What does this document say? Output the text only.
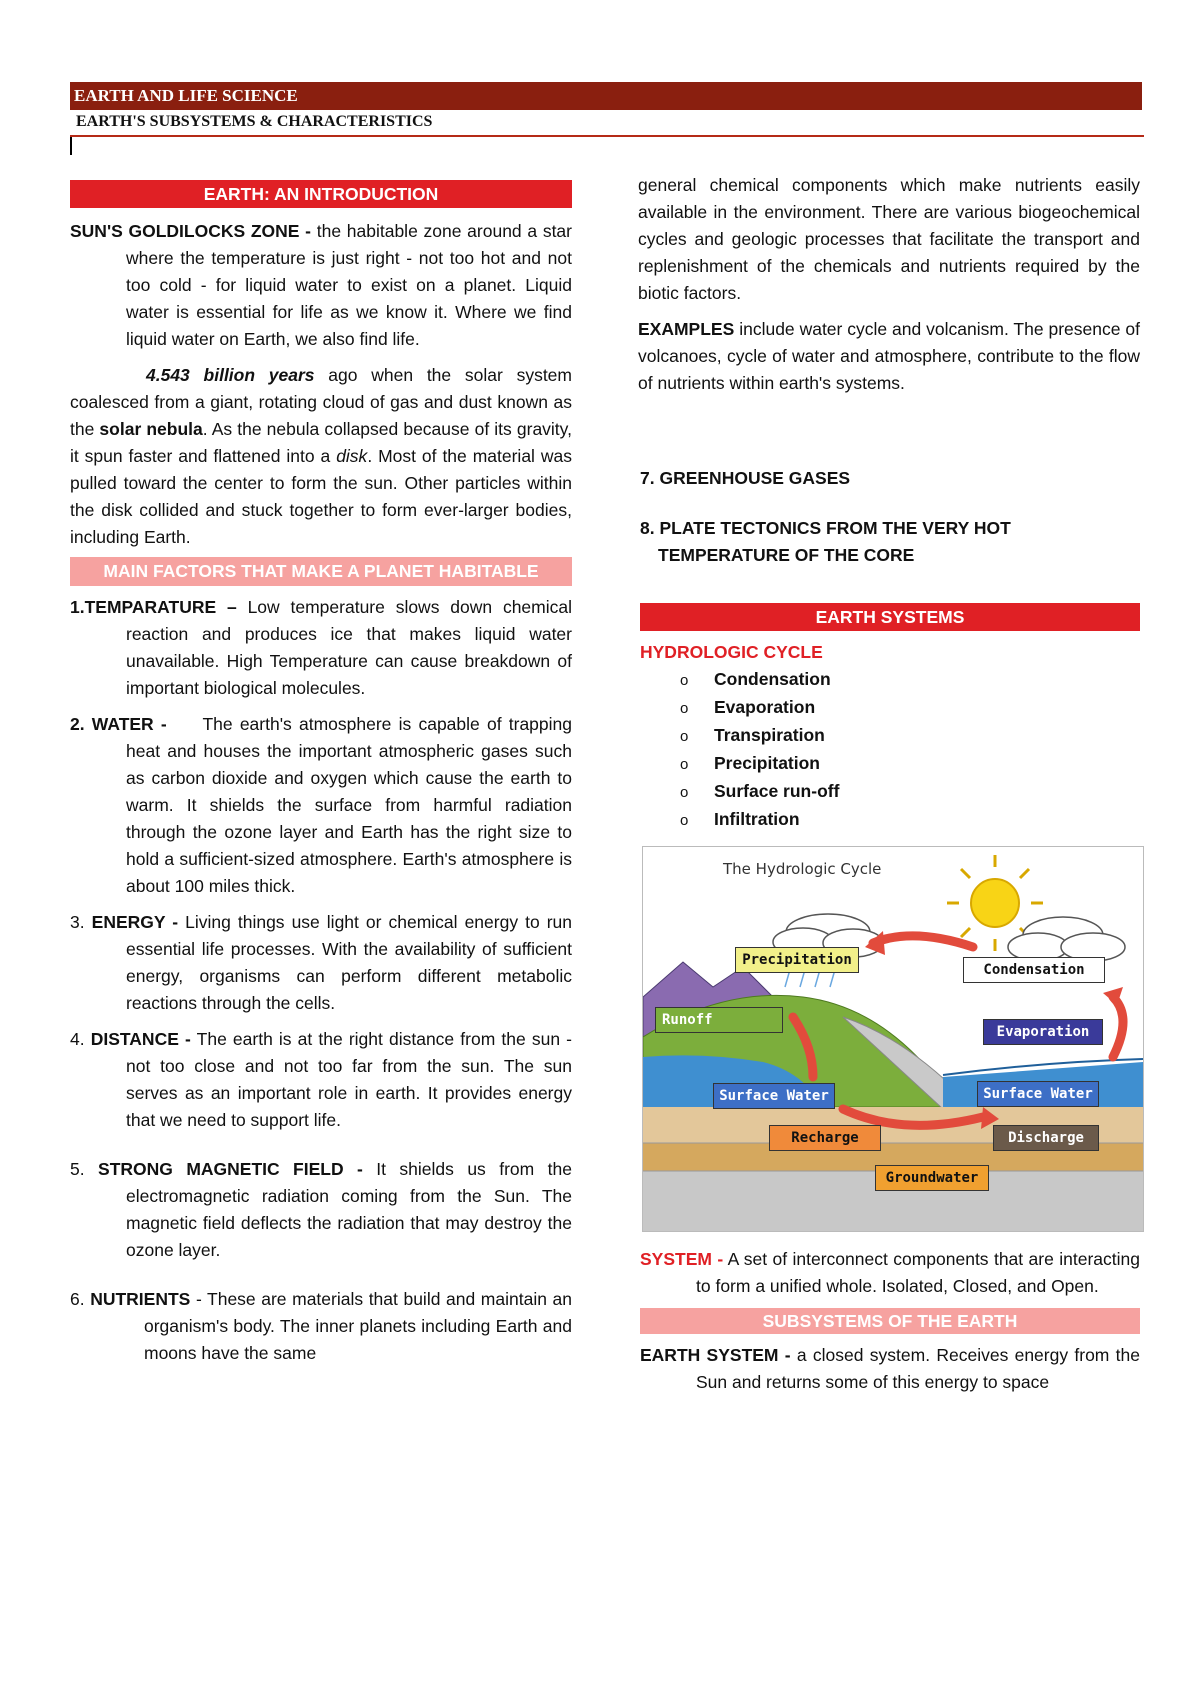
EARTH AND LIFE SCIENCE
EARTH'S SUBSYSTEMS & CHARACTERISTICS
EARTH: AN INTRODUCTION

SUN'S GOLDILOCKS ZONE - the habitable zone around a star where the temperature is just right - not too hot and not too cold - for liquid water to exist on a planet. Liquid water is essential for life as we know it. Where we find liquid water on Earth, we also find life.

4.543 billion years ago when the solar system coalesced from a giant, rotating cloud of gas and dust known as the solar nebula. As the nebula collapsed because of its gravity, it spun faster and flattened into a disk. Most of the material was pulled toward the center to form the sun. Other particles within the disk collided and stuck together to form ever-larger bodies, including Earth.

MAIN FACTORS THAT MAKE A PLANET HABITABLE

1.TEMPARATURE – Low temperature slows down chemical reaction and produces ice that makes liquid water unavailable. High Temperature can cause breakdown of important biological molecules.

2. WATER - The earth's atmosphere is capable of trapping heat and houses the important atmospheric gases such as carbon dioxide and oxygen which cause the earth to warm. It shields the surface from harmful radiation through the ozone layer and Earth has the right size to hold a sufficient-sized atmosphere. Earth's atmosphere is about 100 miles thick.

3. ENERGY - Living things use light or chemical energy to run essential life processes. With the availability of sufficient energy, organisms can perform different metabolic reactions through the cells.

4. DISTANCE - The earth is at the right distance from the sun - not too close and not too far from the sun. The sun serves as an important role in earth. It provides energy that we need to support life.

5. STRONG MAGNETIC FIELD - It shields us from the electromagnetic radiation coming from the Sun. The magnetic field deflects the radiation that may destroy the ozone layer.

6. NUTRIENTS - These are materials that build and maintain an organism's body. The inner planets including Earth and moons have the same

general chemical components which make nutrients easily available in the environment. There are various biogeochemical cycles and geologic processes that facilitate the transport and replenishment of the chemicals and nutrients required by the biotic factors.

EXAMPLES include water cycle and volcanism. The presence of volcanoes, cycle of water and atmosphere, contribute to the flow of nutrients within earth's systems.

7. GREENHOUSE GASES

8. PLATE TECTONICS FROM THE VERY HOT TEMPERATURE OF THE CORE

EARTH SYSTEMS

HYDROLOGIC CYCLE

o Condensation
o Evaporation
o Transpiration
o Precipitation
o Surface run-off
o Infiltration
The Hydrologic Cycle
Precipitation
Condensation
Runoff
Evaporation
Surface Water	Surface Water
Recharge	Discharge
Groundwater

SYSTEM - A set of interconnect components that are interacting to form a unified whole. Isolated, Closed, and Open.

SUBSYSTEMS OF THE EARTH

EARTH SYSTEM - a closed system. Receives energy from the Sun and returns some of this energy to space
